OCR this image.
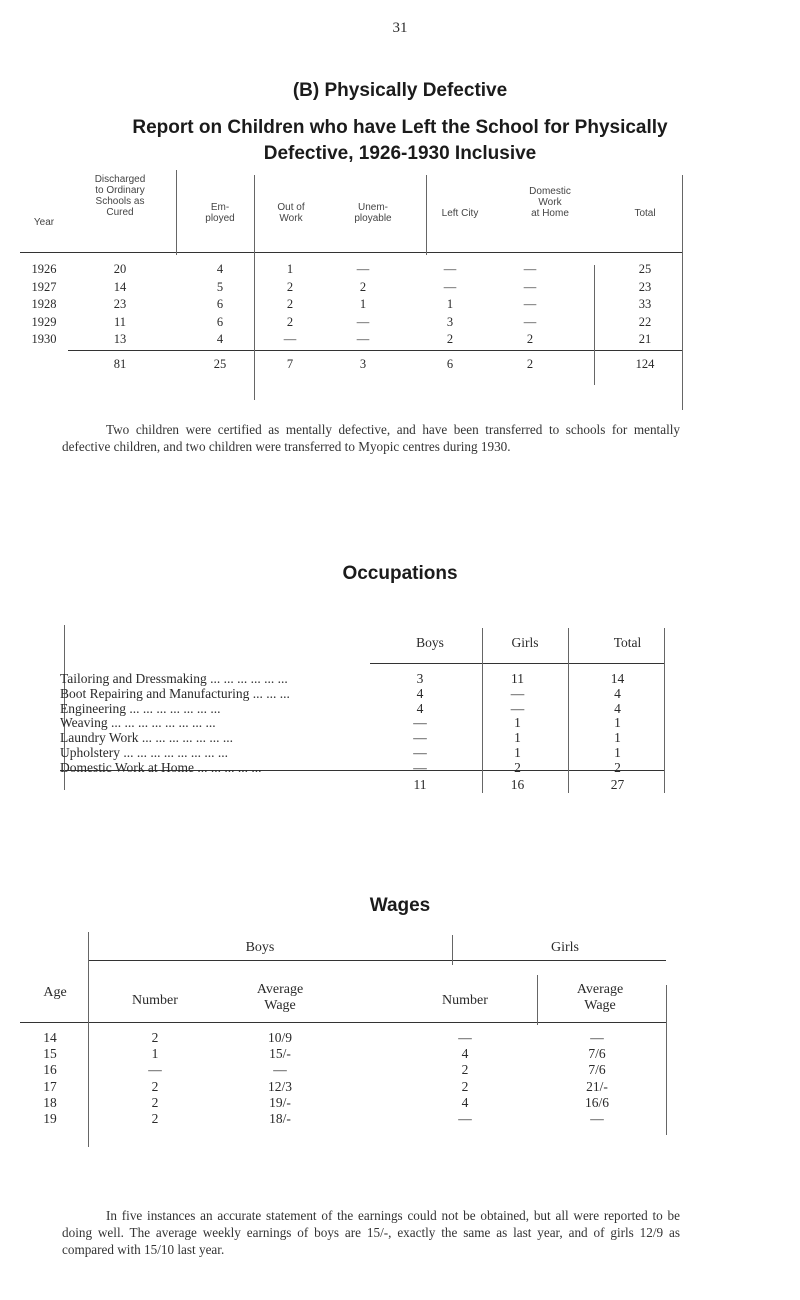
31
(B) Physically Defective
Report on Children who have Left the School for Physically
Defective, 1926-1930 Inclusive
Year
Discharged
to Ordinary
Schools as
Cured	Em-
ployed
Out of
Work
Unem-
ployable	Left City
Domestic
Work
at Home	Total
1926	20	4	1	—	—	—	25
1927	14	5	2	2	—	—	23
1928	23	6	2	1	1	—	33
1929	11	6	2	—	3	—	22
1930	13	4	—	—	2	2	21
81	25	7	3	6	2	124
Two children were certified as mentally defective, and have been transferred to schools for mentally defective children, and two children were transferred to Myopic centres during 1930.
Occupations
Boys	Girls	Total
Tailoring and Dressmaking ... ... ... ... ... ...	3	11	14
Boot Repairing and Manufacturing ... ... ...	4	—	4
Engineering ... ... ... ... ... ... ...	4	—	4
Weaving ... ... ... ... ... ... ... ...	—	1	1
Laundry Work ... ... ... ... ... ... ...	—	1	1
Upholstery ... ... ... ... ... ... ... ...	—	1	1
Domestic Work at Home ... ... ... ... ...	—	2	2
11	16	27
Wages
Age
Boys	Girls
Number
Average
Wage	Number
Average
Wage
14	2	10/9	—	—
15	1	15/-	4	7/6
16	—	—	2	7/6
17	2	12/3	2	21/-
18	2	19/-	4	16/6
19	2	18/-	—	—
In five instances an accurate statement of the earnings could not be obtained, but all were reported to be doing well. The average weekly earnings of boys are 15/-, exactly the same as last year, and of girls 12/9 as compared with 15/10 last year.
